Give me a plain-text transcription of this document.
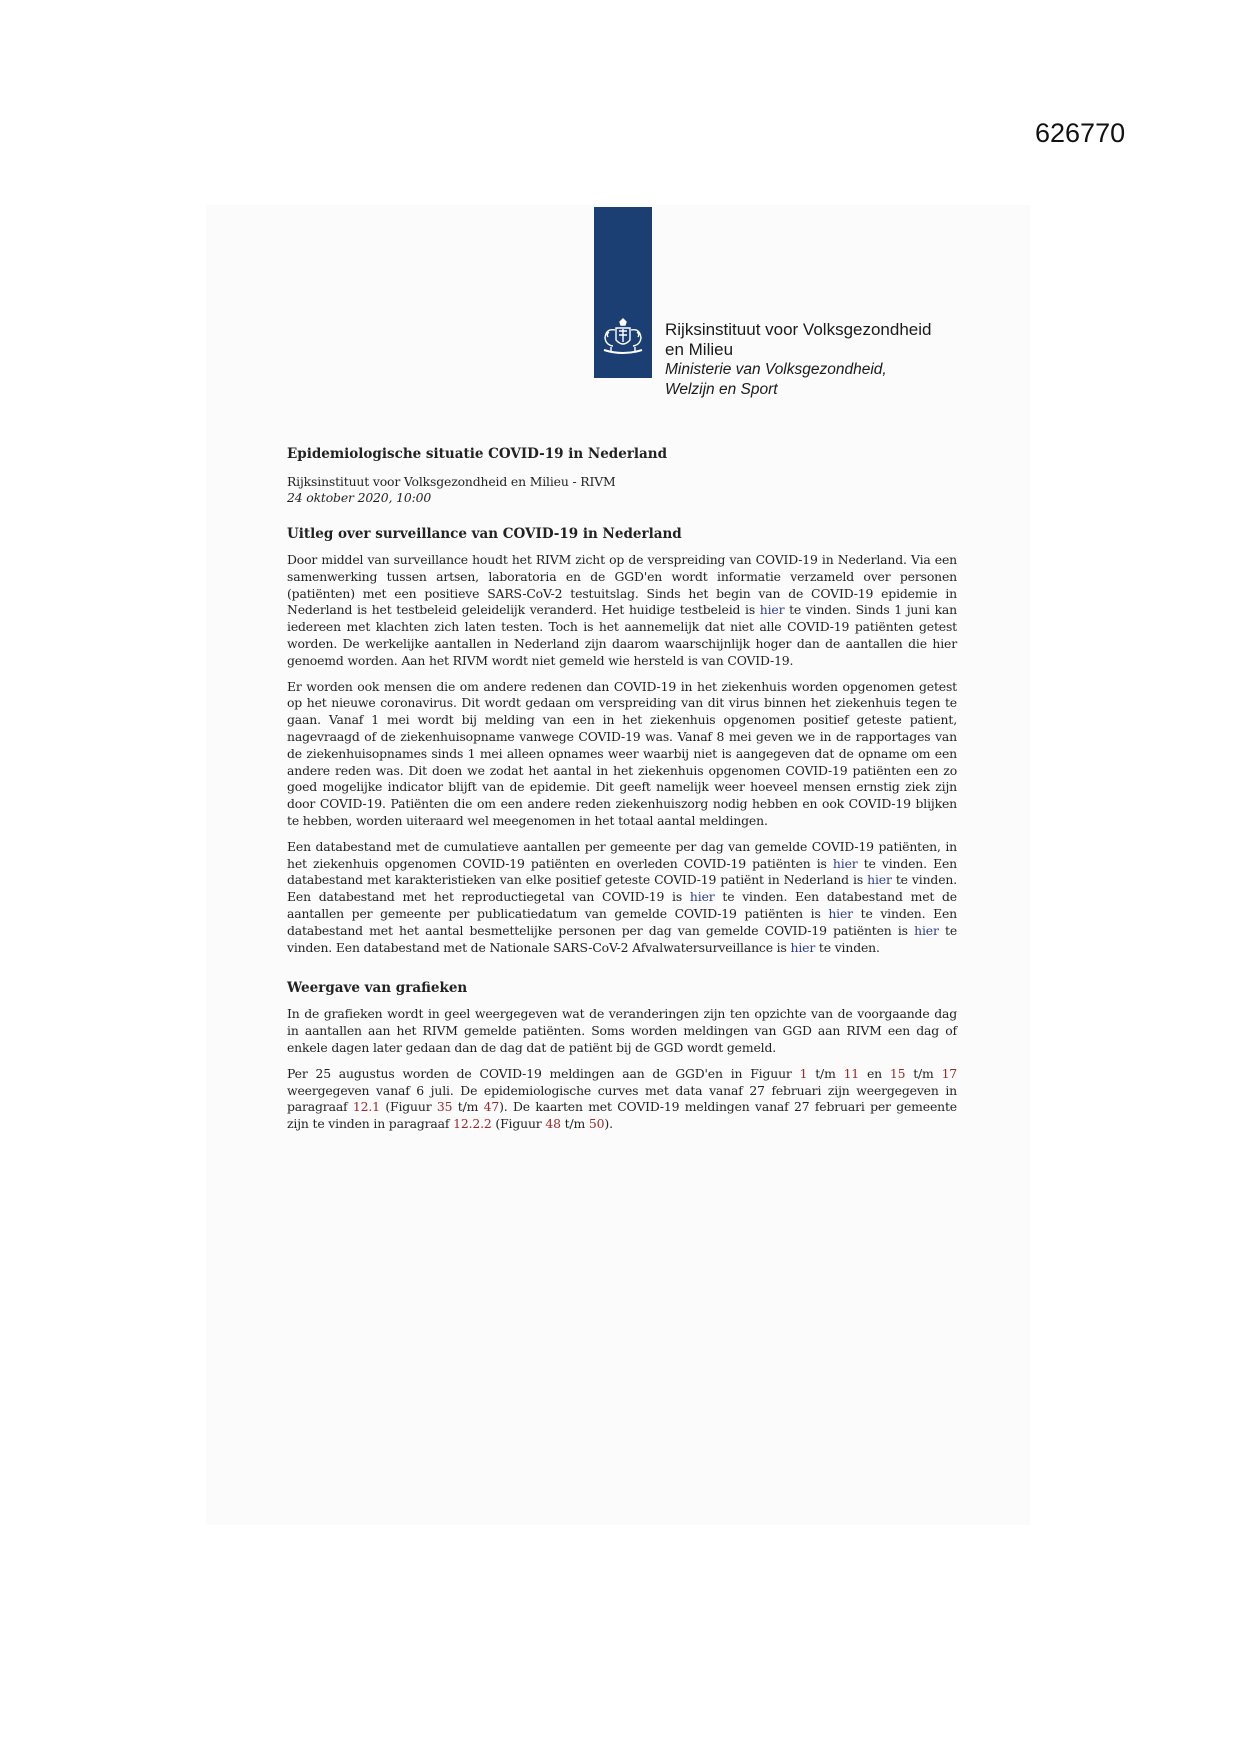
626770
Rijksinstituut voor Volksgezondheid
en Milieu
Ministerie van Volksgezondheid,
Welzijn en Sport
Epidemiologische situatie COVID-19 in Nederland

Rijksinstituut voor Volksgezondheid en Milieu - RIVM

24 oktober 2020, 10:00

Uitleg over surveillance van COVID-19 in Nederland

Door middel van surveillance houdt het RIVM zicht op de verspreiding van COVID-19 in Nederland. Via een samenwerking tussen artsen, laboratoria en de GGD'en wordt informatie verzameld over personen (patiënten) met een positieve SARS-CoV-2 testuitslag. Sinds het begin van de COVID-19 epidemie in Nederland is het testbeleid geleidelijk veranderd. Het huidige testbeleid is hier te vinden. Sinds 1 juni kan iedereen met klachten zich laten testen. Toch is het aannemelijk dat niet alle COVID-19 patiënten getest worden. De werkelijke aantallen in Nederland zijn daarom waarschijnlijk hoger dan de aantallen die hier genoemd worden. Aan het RIVM wordt niet gemeld wie hersteld is van COVID-19.

Er worden ook mensen die om andere redenen dan COVID-19 in het ziekenhuis worden opgenomen getest op het nieuwe coronavirus. Dit wordt gedaan om verspreiding van dit virus binnen het ziekenhuis tegen te gaan. Vanaf 1 mei wordt bij melding van een in het ziekenhuis opgenomen positief geteste patient, nagevraagd of de ziekenhuisopname vanwege COVID-19 was. Vanaf 8 mei geven we in de rapportages van de ziekenhuisopnames sinds 1 mei alleen opnames weer waarbij niet is aangegeven dat de opname om een andere reden was. Dit doen we zodat het aantal in het ziekenhuis opgenomen COVID-19 patiënten een zo goed mogelijke indicator blijft van de epidemie. Dit geeft namelijk weer hoeveel mensen ernstig ziek zijn door COVID-19. Patiënten die om een andere reden ziekenhuiszorg nodig hebben en ook COVID-19 blijken te hebben, worden uiteraard wel meegenomen in het totaal aantal meldingen.

Een databestand met de cumulatieve aantallen per gemeente per dag van gemelde COVID-19 patiënten, in het ziekenhuis opgenomen COVID-19 patiënten en overleden COVID-19 patiënten is hier te vinden. Een databestand met karakteristieken van elke positief geteste COVID-19 patiënt in Nederland is hier te vinden. Een databestand met het reproductiegetal van COVID-19 is hier te vinden. Een databestand met de aantallen per gemeente per publicatiedatum van gemelde COVID-19 patiënten is hier te vinden. Een databestand met het aantal besmettelijke personen per dag van gemelde COVID-19 patiënten is hier te vinden. Een databestand met de Nationale SARS-CoV-2 Afvalwatersurveillance is hier te vinden.

Weergave van grafieken

In de grafieken wordt in geel weergegeven wat de veranderingen zijn ten opzichte van de voorgaande dag in aantallen aan het RIVM gemelde patiënten. Soms worden meldingen van GGD aan RIVM een dag of enkele dagen later gedaan dan de dag dat de patiënt bij de GGD wordt gemeld.

Per 25 augustus worden de COVID-19 meldingen aan de GGD'en in Figuur 1 t/m 11 en 15 t/m 17 weergegeven vanaf 6 juli. De epidemiologische curves met data vanaf 27 februari zijn weergegeven in paragraaf 12.1 (Figuur 35 t/m 47). De kaarten met COVID-19 meldingen vanaf 27 februari per gemeente zijn te vinden in paragraaf 12.2.2 (Figuur 48 t/m 50).
